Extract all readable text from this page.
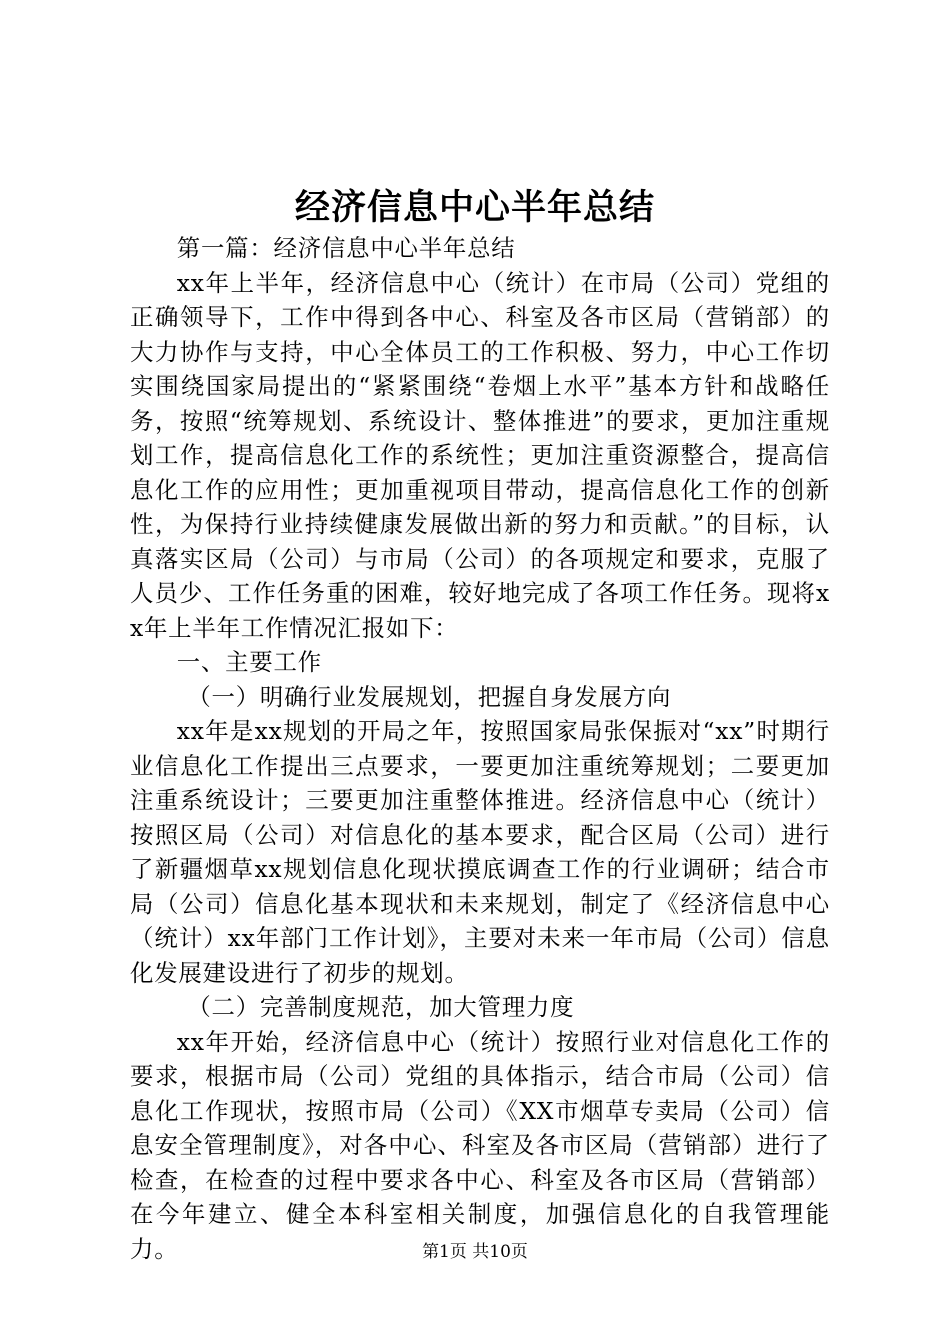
经济信息中心半年总结

第一篇：经济信息中心半年总结

xx年上半年，经济信息中心（统计）在市局（公司）党组的正确领导下，工作中得到各中心、科室及各市区局（营销部）的大力协作与支持，中心全体员工的工作积极、努力，中心工作切实围绕国家局提出的“紧紧围绕“卷烟上水平”基本方针和战略任务，按照“统筹规划、系统设计、整体推进”的要求，更加注重规划工作，提高信息化工作的系统性；更加注重资源整合，提高信息化工作的应用性；更加重视项目带动，提高信息化工作的创新性，为保持行业持续健康发展做出新的努力和贡献。”的目标，认真落实区局（公司）与市局（公司）的各项规定和要求，克服了人员少、工作任务重的困难，较好地完成了各项工作任务。现将xx年上半年工作情况汇报如下：

一、主要工作

（一）明确行业发展规划，把握自身发展方向

xx年是xx规划的开局之年，按照国家局张保振对“xx”时期行业信息化工作提出三点要求，一要更加注重统筹规划；二要更加注重系统设计；三要更加注重整体推进。经济信息中心（统计）按照区局（公司）对信息化的基本要求，配合区局（公司）进行了新疆烟草xx规划信息化现状摸底调查工作的行业调研；结合市局（公司）信息化基本现状和未来规划，制定了《经济信息中心（统计）xx年部门工作计划》，主要对未来一年市局（公司）信息化发展建设进行了初步的规划。

（二）完善制度规范，加大管理力度

xx年开始，经济信息中心（统计）按照行业对信息化工作的要求，根据市局（公司）党组的具体指示，结合市局（公司）信息化工作现状，按照市局（公司）《XX市烟草专卖局（公司）信息安全管理制度》，对各中心、科室及各市区局（营销部）进行了检查，在检查的过程中要求各中心、科室及各市区局（营销部）在今年建立、健全本科室相关制度，加强信息化的自我管理能力。	第1页 共10页
